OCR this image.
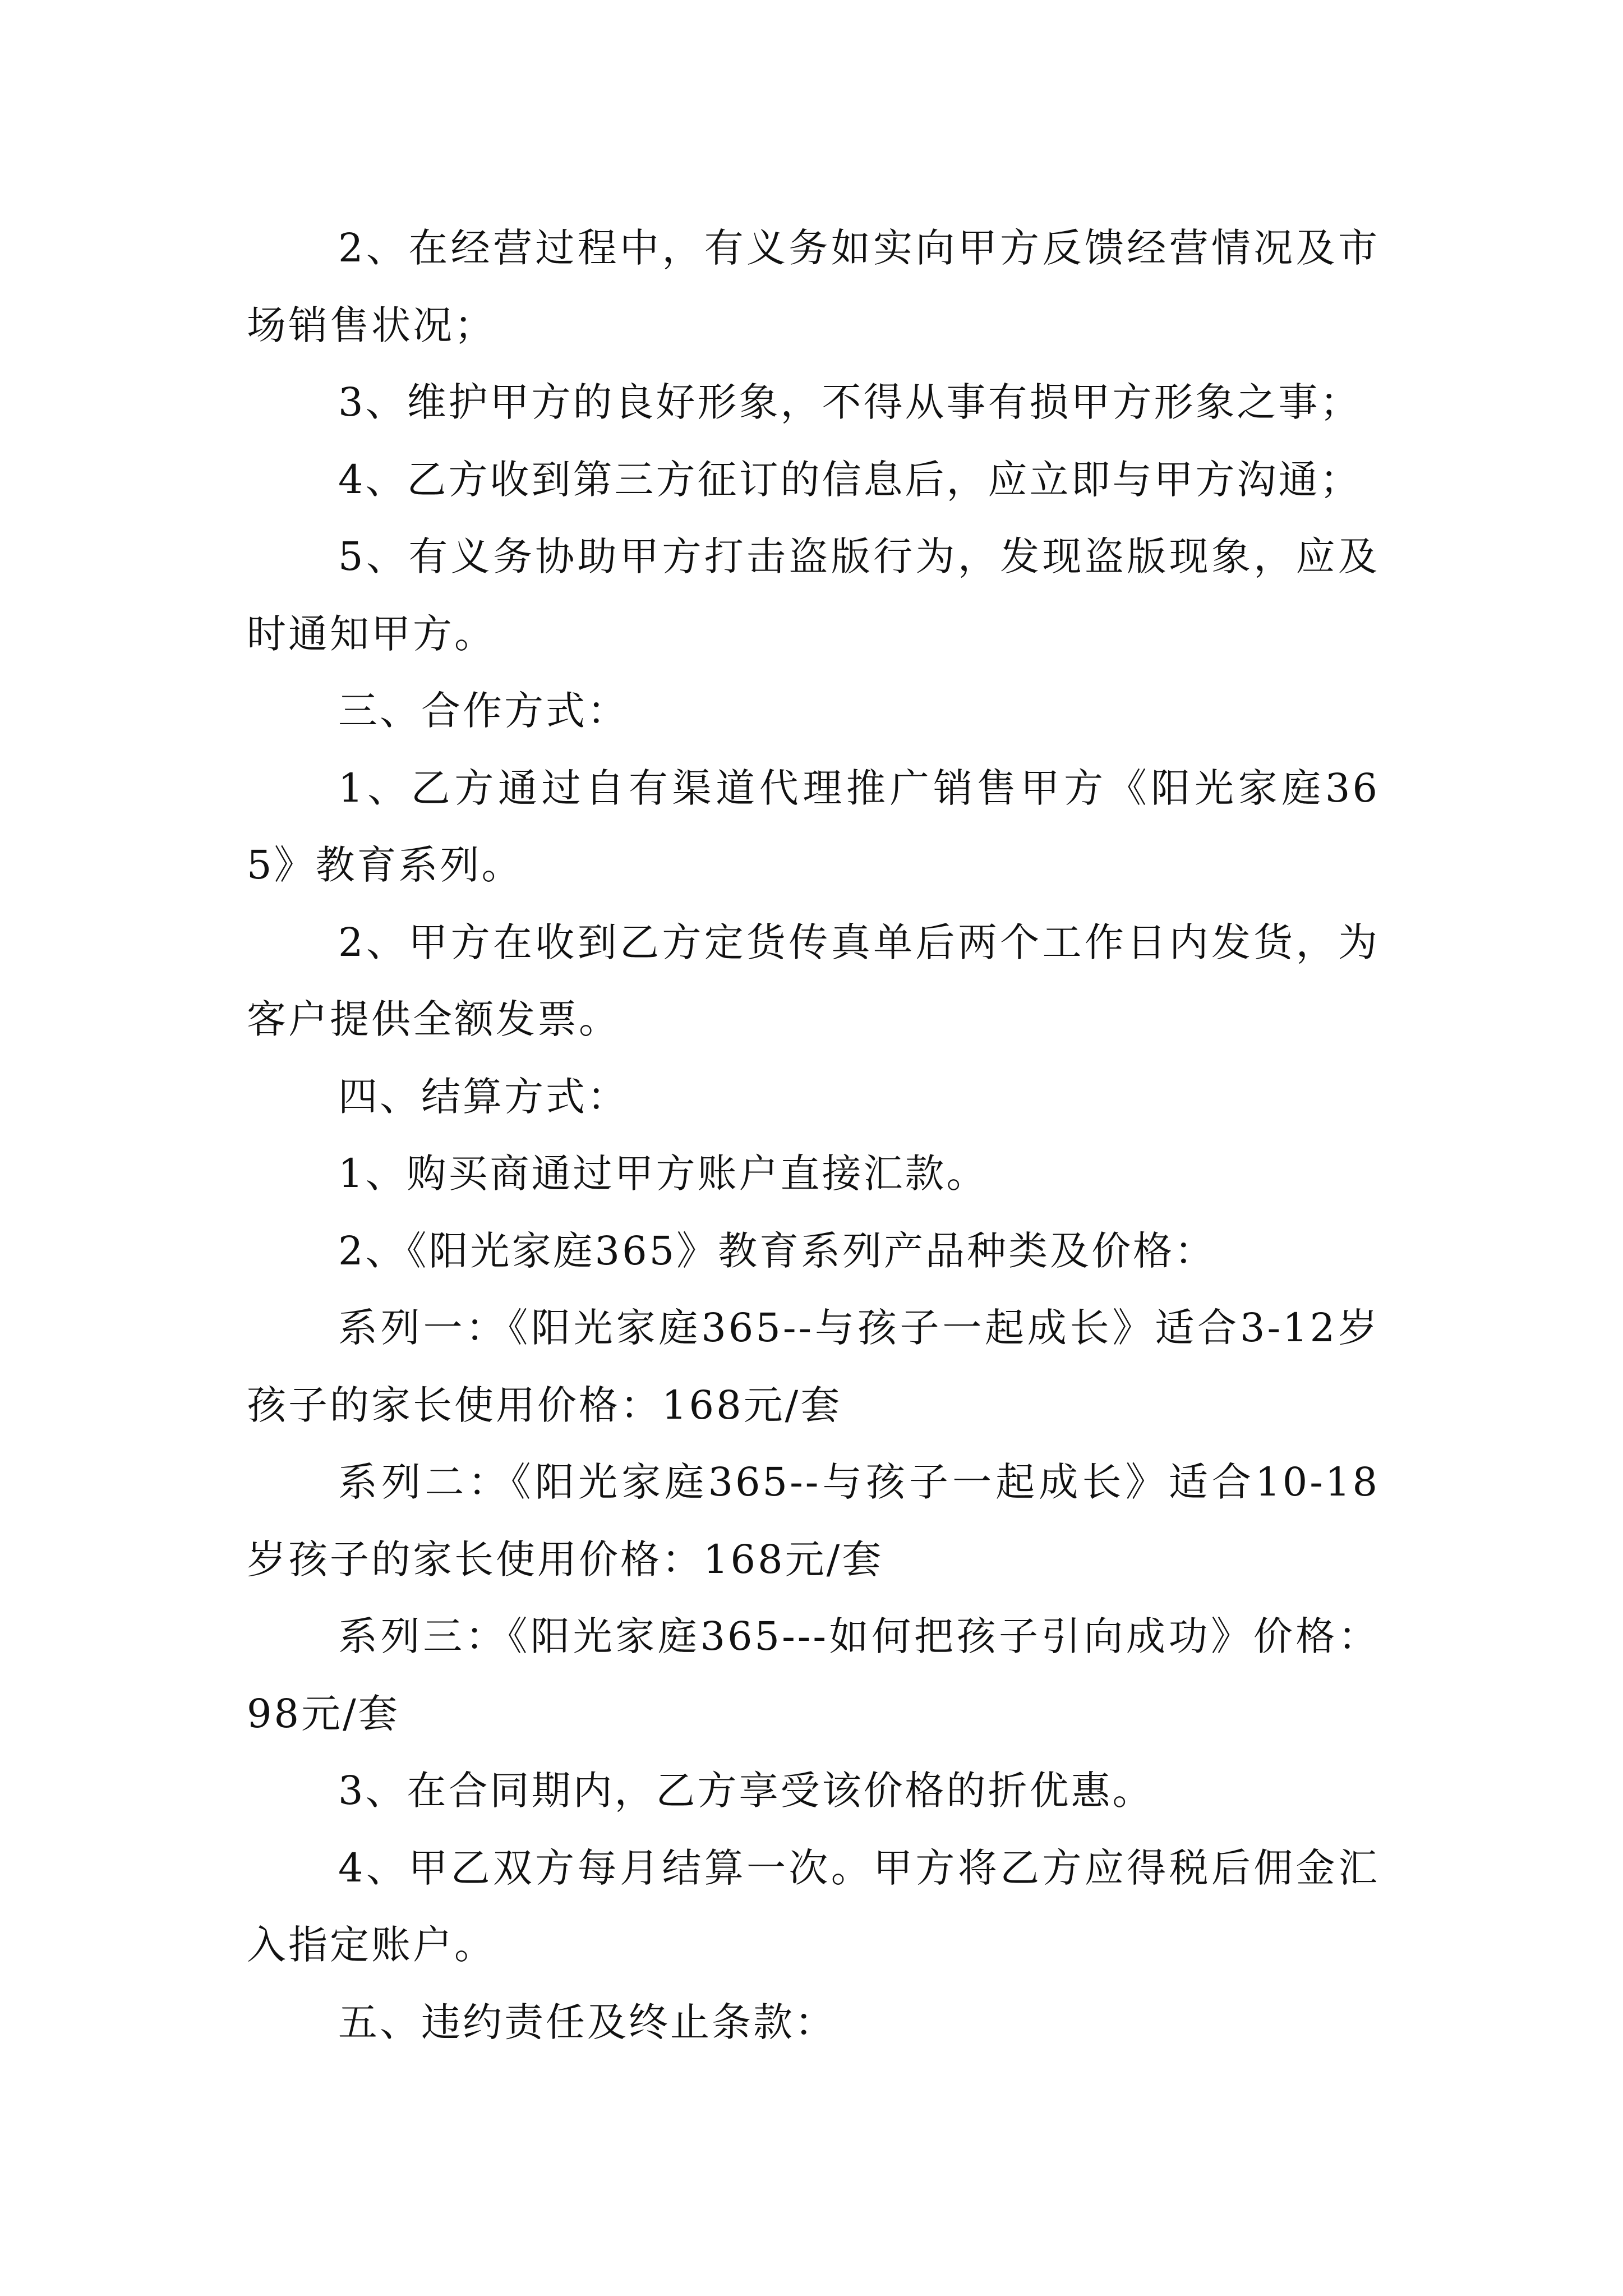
2、在经营过程中，有义务如实向甲方反馈经营情况及市场销售状况；

3、维护甲方的良好形象，不得从事有损甲方形象之事；

4、乙方收到第三方征订的信息后，应立即与甲方沟通；

5、有义务协助甲方打击盗版行为，发现盗版现象，应及时通知甲方。

三、合作方式：

1、乙方通过自有渠道代理推广销售甲方《阳光家庭365》教育系列。

2、甲方在收到乙方定货传真单后两个工作日内发货，为客户提供全额发票。

四、结算方式：

1、购买商通过甲方账户直接汇款。

2、《阳光家庭365》教育系列产品种类及价格：

系列一：《阳光家庭365--与孩子一起成长》适合3-12岁孩子的家长使用价格：168元/套

系列二：《阳光家庭365--与孩子一起成长》适合10-18岁孩子的家长使用价格：168元/套

系列三：《阳光家庭365---如何把孩子引向成功》价格：98元/套

3、在合同期内，乙方享受该价格的折优惠。

4、甲乙双方每月结算一次。甲方将乙方应得税后佣金汇入指定账户。

五、违约责任及终止条款：
